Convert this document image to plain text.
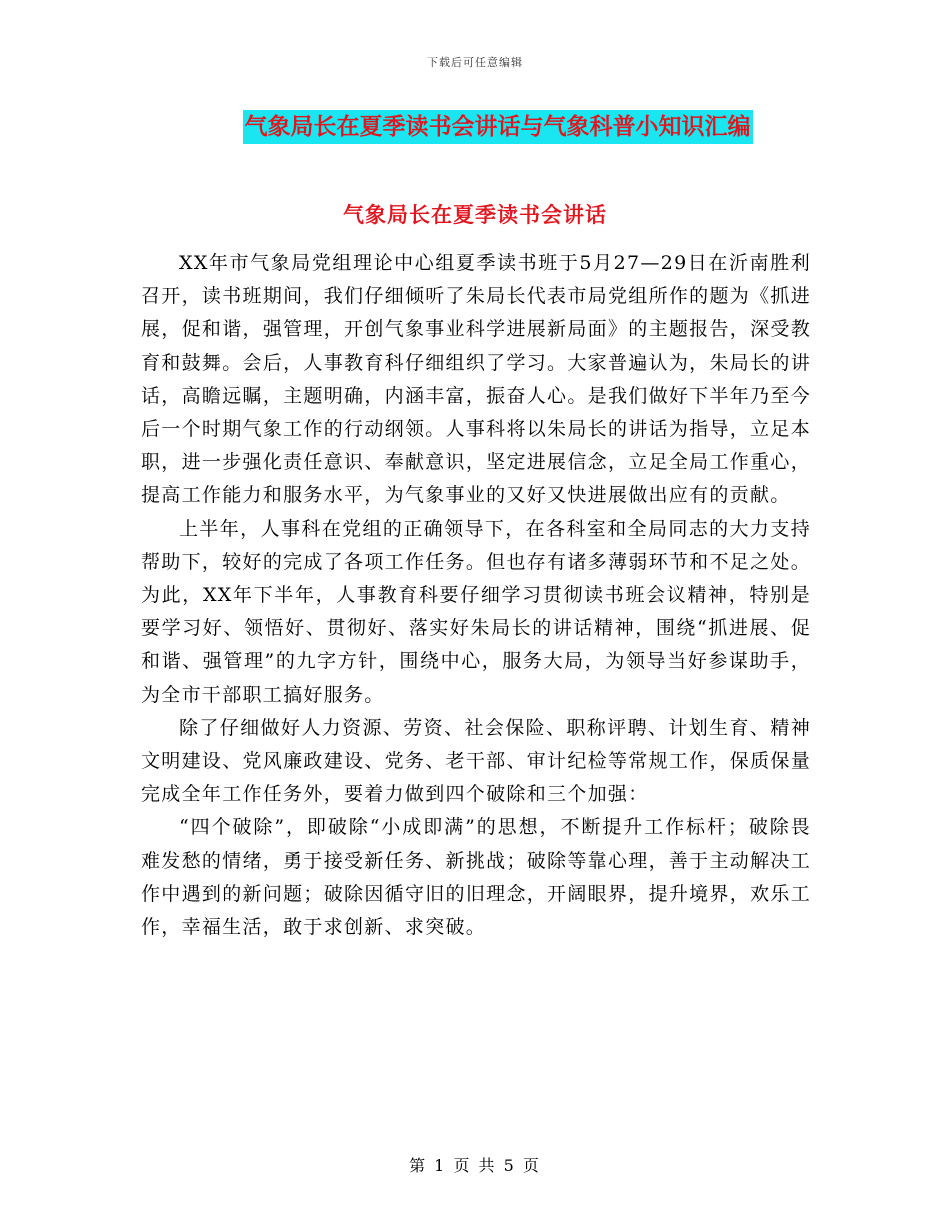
下载后可任意编辑
气象局长在夏季读书会讲话与气象科普小知识汇编
气象局长在夏季读书会讲话

XX年市气象局党组理论中心组夏季读书班于5月27—29日在沂南胜利召开，读书班期间，我们仔细倾听了朱局长代表市局党组所作的题为《抓进展，促和谐，强管理，开创气象事业科学进展新局面》的主题报告，深受教育和鼓舞。会后，人事教育科仔细组织了学习。大家普遍认为，朱局长的讲话，高瞻远瞩，主题明确，内涵丰富，振奋人心。是我们做好下半年乃至今后一个时期气象工作的行动纲领。人事科将以朱局长的讲话为指导，立足本职，进一步强化责任意识、奉献意识，坚定进展信念，立足全局工作重心，提高工作能力和服务水平，为气象事业的又好又快进展做出应有的贡献。

上半年，人事科在党组的正确领导下，在各科室和全局同志的大力支持帮助下，较好的完成了各项工作任务。但也存有诸多薄弱环节和不足之处。为此，XX年下半年，人事教育科要仔细学习贯彻读书班会议精神，特别是要学习好、领悟好、贯彻好、落实好朱局长的讲话精神，围绕“抓进展、促和谐、强管理”的九字方针，围绕中心，服务大局，为领导当好参谋助手，为全市干部职工搞好服务。

除了仔细做好人力资源、劳资、社会保险、职称评聘、计划生育、精神文明建设、党风廉政建设、党务、老干部、审计纪检等常规工作，保质保量完成全年工作任务外，要着力做到四个破除和三个加强：

“四个破除”，即破除“小成即满”的思想，不断提升工作标杆；破除畏难发愁的情绪，勇于接受新任务、新挑战；破除等靠心理，善于主动解决工作中遇到的新问题；破除因循守旧的旧理念，开阔眼界，提升境界，欢乐工作，幸福生活，敢于求创新、求突破。

第 1 页 共 5 页
